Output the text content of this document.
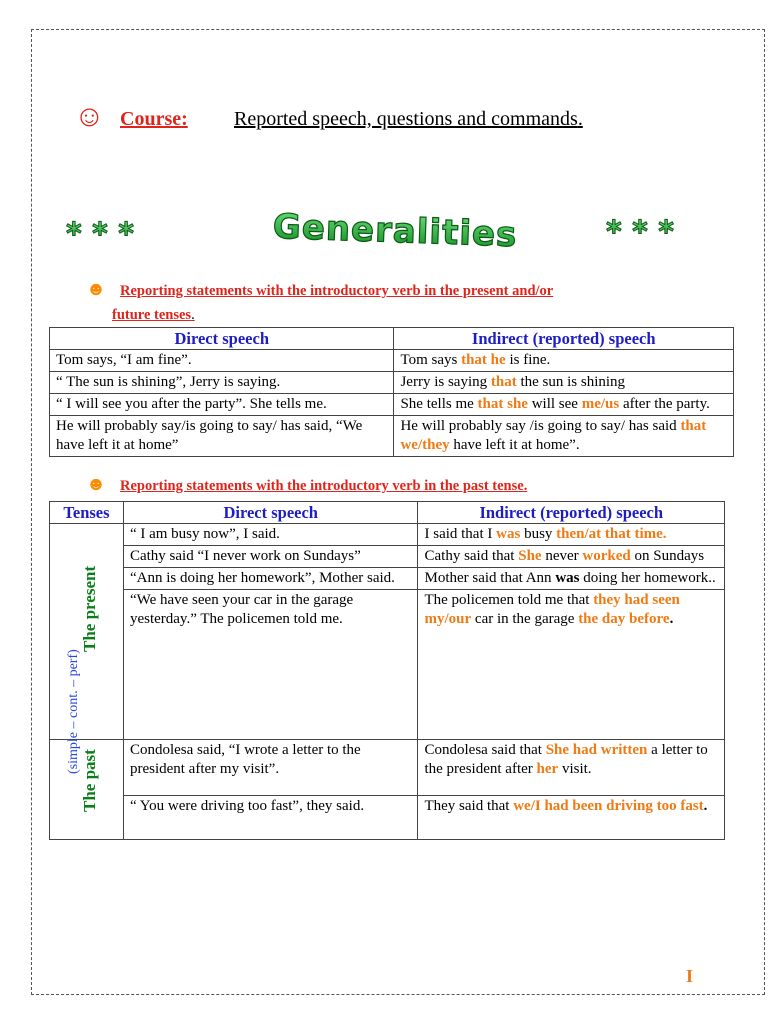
☺ Course: Reported speech, questions and commands.
* * *	Generalities	* * *
☻ Reporting statements with the introductory verb in the present and/or
future tenses.
Direct speech	Indirect (reported) speech
Tom says, “I am fine”.	Tom says that he is fine.
“ The sun is shining”, Jerry is saying.	Jerry is saying that the sun is shining
“ I will see you after the party”. She tells me.	She tells me that she will see me/us after the party.
He will probably say/is going to say/ has said, “We have left it at home”	He will probably say /is going to say/ has said that we/they have left it at home”.
☻ Reporting statements with the introductory verb in the past tense.
Tenses	Direct speech	Indirect (reported) speech

The present
(simple – cont. – perf)	“ I am busy now”, I said.	I said that I was busy then/at that time.
	Cathy said “I never work on Sundays”	Cathy said that She never worked on Sundays
	“Ann is doing her homework”, Mother said.	Mother said that Ann was doing her homework..
	“We have seen your car in the garage yesterday.” The policemen told me.	The policemen told me that they had seen my/our car in the garage the day before.

The past	Condolesa said, “I wrote a letter to the president after my visit”.	Condolesa said that She had written a letter to the president after her visit.
	“ You were driving too fast”, they said.	They said that we/I had been driving too fast.
I
